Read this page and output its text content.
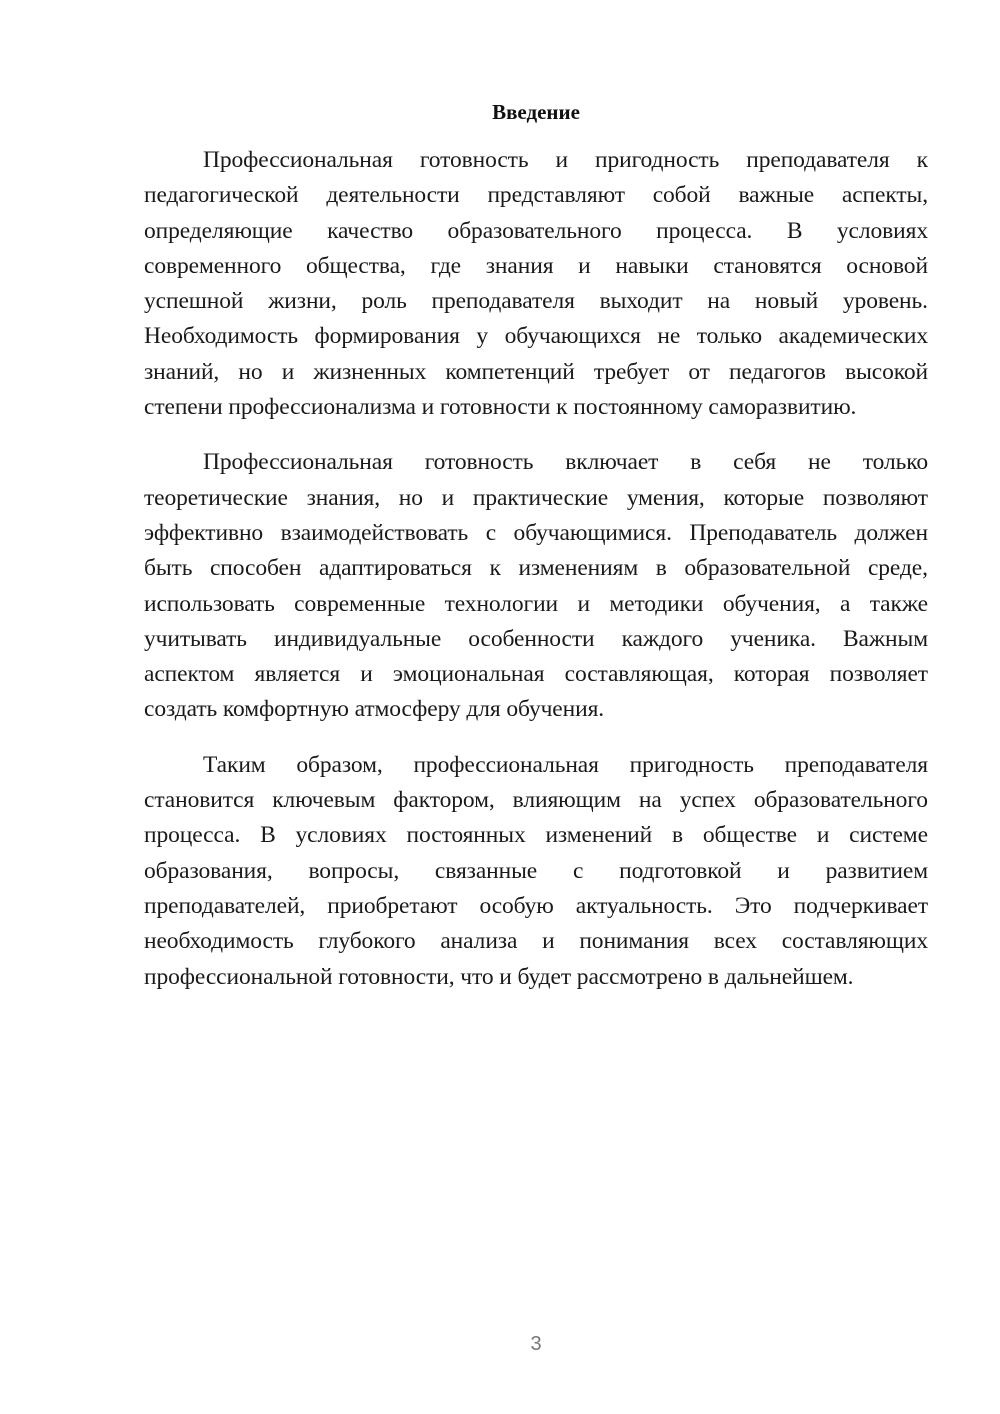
Введение

Профессиональная готовность и пригодность преподавателя к
педагогической деятельности представляют собой важные аспекты,
определяющие качество образовательного процесса. В условиях
современного общества, где знания и навыки становятся основой
успешной жизни, роль преподавателя выходит на новый уровень.
Необходимость формирования у обучающихся не только академических
знаний, но и жизненных компетенций требует от педагогов высокой
степени профессионализма и готовности к постоянному саморазвитию.

Профессиональная готовность включает в себя не только
теоретические знания, но и практические умения, которые позволяют
эффективно взаимодействовать с обучающимися. Преподаватель должен
быть способен адаптироваться к изменениям в образовательной среде,
использовать современные технологии и методики обучения, а также
учитывать индивидуальные особенности каждого ученика. Важным
аспектом является и эмоциональная составляющая, которая позволяет
создать комфортную атмосферу для обучения.

Таким образом, профессиональная пригодность преподавателя
становится ключевым фактором, влияющим на успех образовательного
процесса. В условиях постоянных изменений в обществе и системе
образования, вопросы, связанные с подготовкой и развитием
преподавателей, приобретают особую актуальность. Это подчеркивает
необходимость глубокого анализа и понимания всех составляющих
профессиональной готовности, что и будет рассмотрено в дальнейшем.

3
